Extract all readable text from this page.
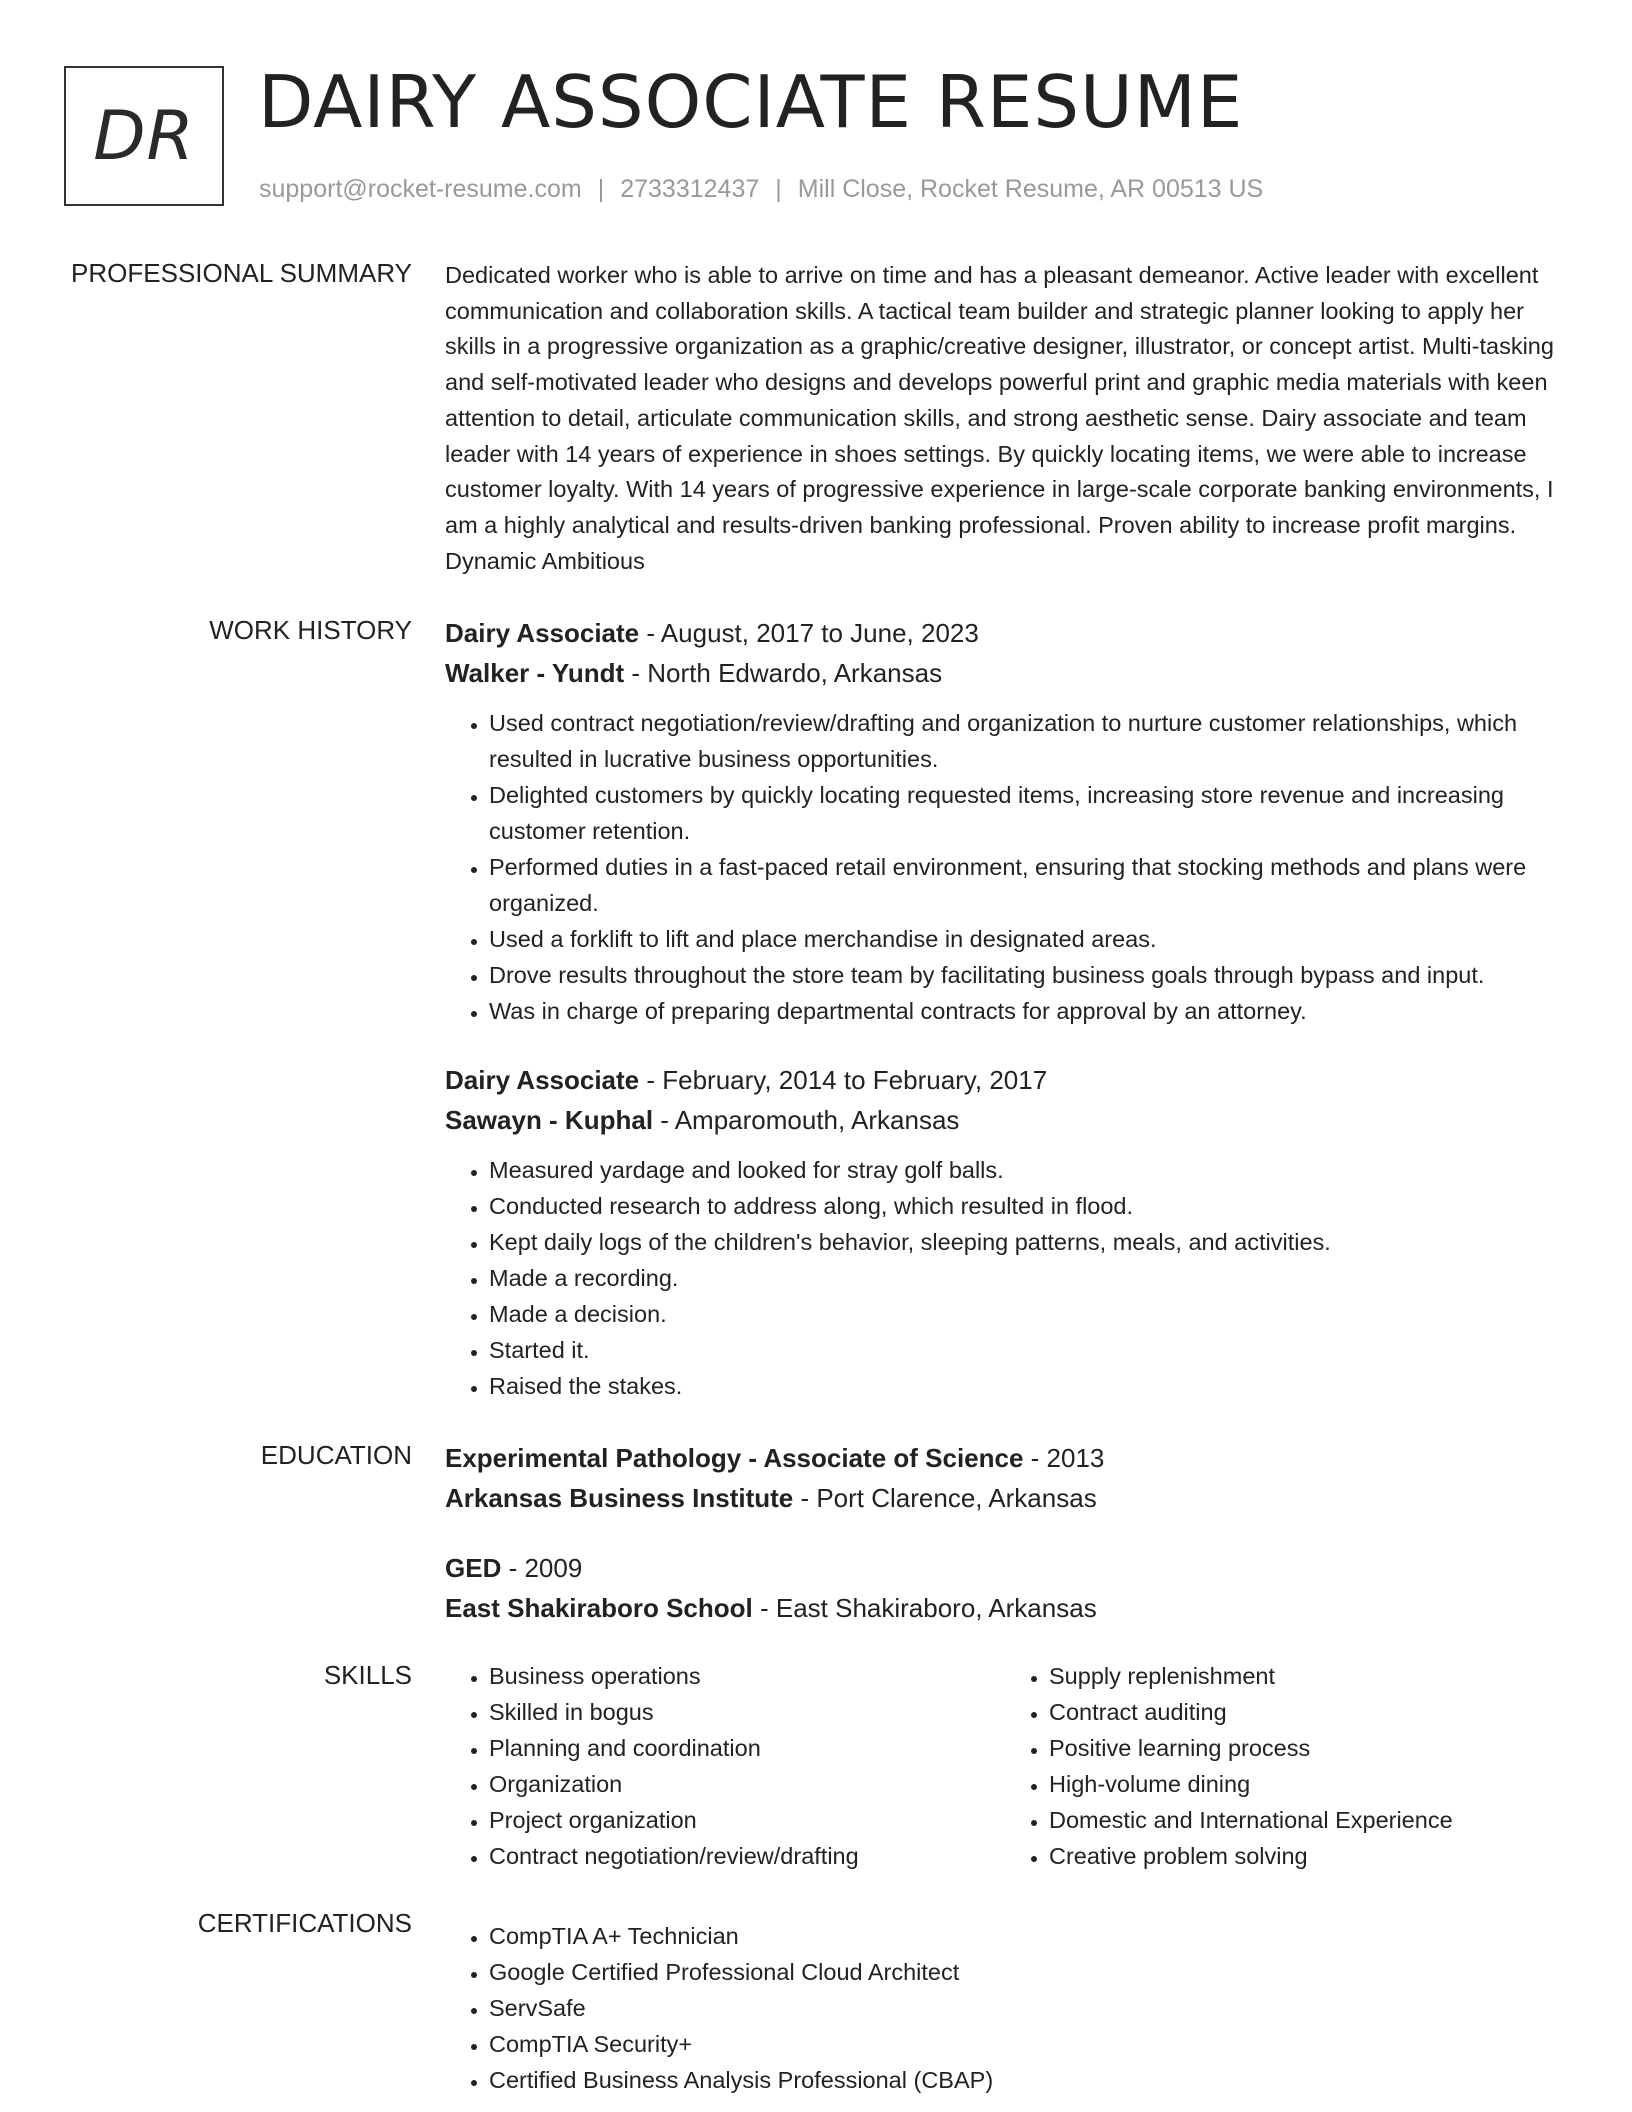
DR DAIRY ASSOCIATE RESUME
support@rocket-resume.com | 2733312437 | Mill Close, Rocket Resume, AR 00513 US
PROFESSIONAL SUMMARY Dedicated worker who is able to arrive on time and has a pleasant demeanor. Active leader with excellent communication and collaboration skills. A tactical team builder and strategic planner looking to apply her skills in a progressive organization as a graphic/creative designer, illustrator, or concept artist. Multi-tasking and self-motivated leader who designs and develops powerful print and graphic media materials with keen attention to detail, articulate communication skills, and strong aesthetic sense. Dairy associate and team leader with 14 years of experience in shoes settings. By quickly locating items, we were able to increase customer loyalty. With 14 years of progressive experience in large-scale corporate banking environments, I am a highly analytical and results-driven banking professional. Proven ability to increase profit margins. Dynamic Ambitious

WORK HISTORY Dairy Associate - August, 2017 to June, 2023
Walker - Yundt - North Edwardo, Arkansas
• Used contract negotiation/review/drafting and organization to nurture customer relationships, which resulted in lucrative business opportunities.
• Delighted customers by quickly locating requested items, increasing store revenue and increasing customer retention.
• Performed duties in a fast-paced retail environment, ensuring that stocking methods and plans were organized.
• Used a forklift to lift and place merchandise in designated areas.
• Drove results throughout the store team by facilitating business goals through bypass and input.
• Was in charge of preparing departmental contracts for approval by an attorney.
Dairy Associate - February, 2014 to February, 2017
Sawayn - Kuphal - Amparomouth, Arkansas
• Measured yardage and looked for stray golf balls.
• Conducted research to address along, which resulted in flood.
• Kept daily logs of the children's behavior, sleeping patterns, meals, and activities.
• Made a recording.
• Made a decision.
• Started it.
• Raised the stakes.
EDUCATION Experimental Pathology - Associate of Science - 2013
Arkansas Business Institute - Port Clarence, Arkansas
GED - 2009
East Shakiraboro School - East Shakiraboro, Arkansas
SKILLS	• Business operations
• Skilled in bogus
• Planning and coordination
• Organization
• Project organization
• Contract negotiation/review/drafting
• Supply replenishment
• Contract auditing
• Positive learning process
• High-volume dining
• Domestic and International Experience
• Creative problem solving
CERTIFICATIONS	• CompTIA A+ Technician
• Google Certified Professional Cloud Architect
• ServSafe
• CompTIA Security+
• Certified Business Analysis Professional (CBAP)
